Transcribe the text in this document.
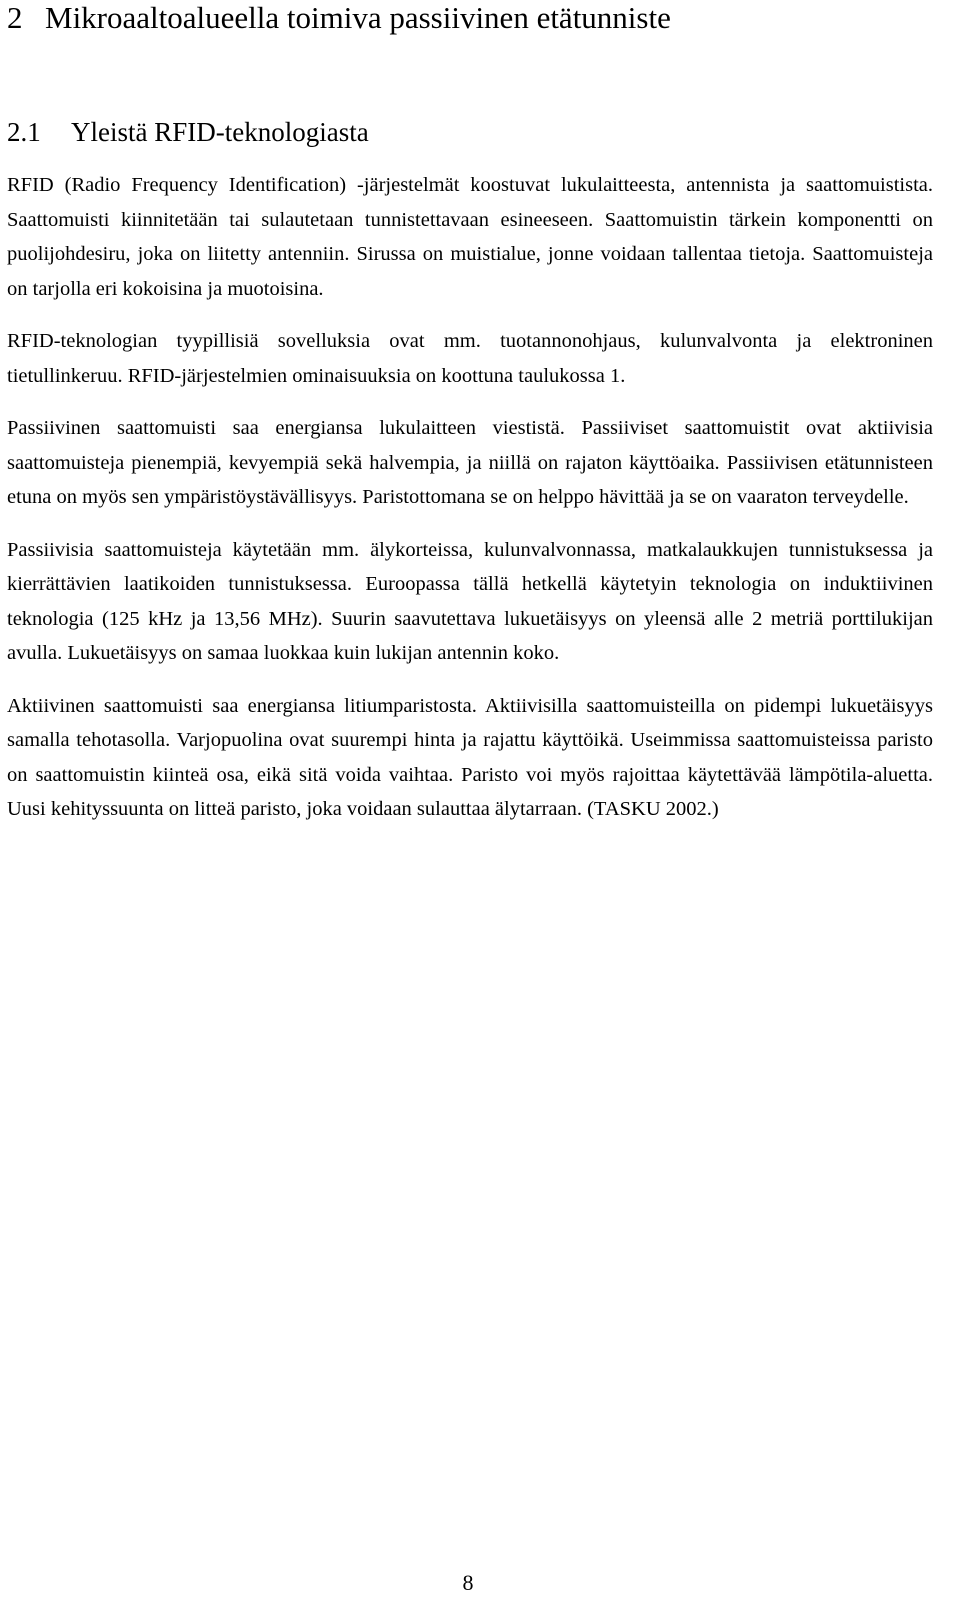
2 Mikroaaltoalueella toimiva passiivinen etätunniste
2.1 Yleistä RFID-teknologiasta

RFID (Radio Frequency Identification) -järjestelmät koostuvat lukulaitteesta, antennista ja saattomuistista. Saattomuisti kiinnitetään tai sulautetaan tunnistettavaan esineeseen. Saattomuistin tärkein komponentti on puolijohdesiru, joka on liitetty antenniin. Sirussa on muistialue, jonne voidaan tallentaa tietoja. Saattomuisteja on tarjolla eri kokoisina ja muotoisina.

RFID-teknologian tyypillisiä sovelluksia ovat mm. tuotannonohjaus, kulunvalvonta ja elektroninen tietullinkeruu. RFID-järjestelmien ominaisuuksia on koottuna taulukossa 1.

Passiivinen saattomuisti saa energiansa lukulaitteen viestistä. Passiiviset saattomuistit ovat aktiivisia saattomuisteja pienempiä, kevyempiä sekä halvempia, ja niillä on rajaton käyttöaika. Passiivisen etätunnisteen etuna on myös sen ympäristöystävällisyys. Paristottomana se on helppo hävittää ja se on vaaraton terveydelle.

Passiivisia saattomuisteja käytetään mm. älykorteissa, kulunvalvonnassa, matkalaukkujen tunnistuksessa ja kierrättävien laatikoiden tunnistuksessa. Euroopassa tällä hetkellä käytetyin teknologia on induktiivinen teknologia (125 kHz ja 13,56 MHz). Suurin saavutettava lukuetäisyys on yleensä alle 2 metriä porttilukijan avulla. Lukuetäisyys on samaa luokkaa kuin lukijan antennin koko.

Aktiivinen saattomuisti saa energiansa litiumparistosta. Aktiivisilla saattomuisteilla on pidempi lukuetäisyys samalla tehotasolla. Varjopuolina ovat suurempi hinta ja rajattu käyttöikä. Useimmissa saattomuisteissa paristo on saattomuistin kiinteä osa, eikä sitä voida vaihtaa. Paristo voi myös rajoittaa käytettävää lämpötila-aluetta. Uusi kehityssuunta on litteä paristo, joka voidaan sulauttaa älytarraan. (TASKU 2002.)

8
